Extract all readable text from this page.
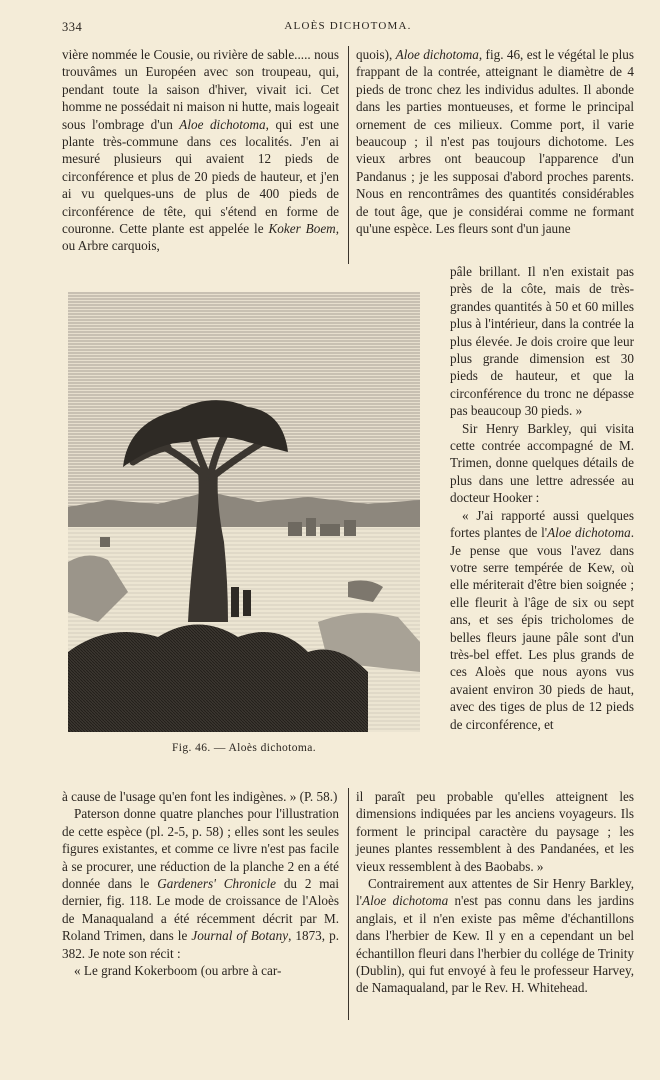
334	ALOÈS DICHOTOMA.

vière nommée le Cousie, ou rivière de sable..... nous trouvâmes un Européen avec son troupeau, qui, pendant toute la saison d'hiver, vivait ici. Cet homme ne possédait ni maison ni hutte, mais logeait sous l'ombrage d'un Aloe dichotoma, qui est une plante très-commune dans ces localités. J'en ai mesuré plusieurs qui avaient 12 pieds de circonférence et plus de 20 pieds de hauteur, et j'en ai vu quelques-uns de plus de 400 pieds de circonférence de tête, qui s'étend en forme de couronne. Cette plante est appelée le Koker Boem, ou Arbre carquois,

quois), Aloe dichotoma, fig. 46, est le végétal le plus frappant de la contrée, atteignant le diamètre de 4 pieds de tronc chez les individus adultes. Il abonde dans les parties montueuses, et forme le principal ornement de ces milieux. Comme port, il varie beaucoup ; il n'est pas toujours dichotome. Les vieux arbres ont beaucoup l'apparence d'un Pandanus ; je les supposai d'abord proches parents. Nous en rencontrâmes des quantités considérables de tout âge, que je considérai comme ne formant qu'une espèce. Les fleurs sont d'un jaune

Fig. 46. — Aloès dichotoma.

pâle brillant. Il n'en existait pas près de la côte, mais de très-grandes quantités à 50 et 60 milles plus à l'intérieur, dans la contrée la plus élevée. Je dois croire que leur plus grande dimension est 30 pieds de hauteur, et que la circonférence du tronc ne dépasse pas beaucoup 30 pieds. »

Sir Henry Barkley, qui visita cette contrée accompagné de M. Trimen, donne quelques détails de plus dans une lettre adressée au docteur Hooker :

« J'ai rapporté aussi quelques fortes plantes de l'Aloe dichotoma. Je pense que vous l'avez dans votre serre tempérée de Kew, où elle mériterait d'être bien soignée ; elle fleurit à l'âge de six ou sept ans, et ses épis tricholomes de belles fleurs jaune pâle sont d'un très-bel effet. Les plus grands de ces Aloès que nous ayons vus avaient environ 30 pieds de haut, avec des tiges de plus de 12 pieds de circonférence, et

à cause de l'usage qu'en font les indigènes. » (P. 58.)

Paterson donne quatre planches pour l'illustration de cette espèce (pl. 2-5, p. 58) ; elles sont les seules figures existantes, et comme ce livre n'est pas facile à se procurer, une réduction de la planche 2 en a été donnée dans le Gardeners' Chronicle du 2 mai dernier, fig. 118. Le mode de croissance de l'Aloès de Manaqualand a été récemment décrit par M. Roland Trimen, dans le Journal of Botany, 1873, p. 382. Je note son récit :

« Le grand Kokerboom (ou arbre à car-

il paraît peu probable qu'elles atteignent les dimensions indiquées par les anciens voyageurs. Ils forment le principal caractère du paysage ; les jeunes plantes ressemblent à des Pandanées, et les vieux ressemblent à des Baobabs. »

Contrairement aux attentes de Sir Henry Barkley, l'Aloe dichotoma n'est pas connu dans les jardins anglais, et il n'en existe pas même d'échantillons dans l'herbier de Kew. Il y en a cependant un bel échantillon fleuri dans l'herbier du collége de Trinity (Dublin), qui fut envoyé à feu le professeur Harvey, de Namaqualand, par le Rev. H. Whitehead.
